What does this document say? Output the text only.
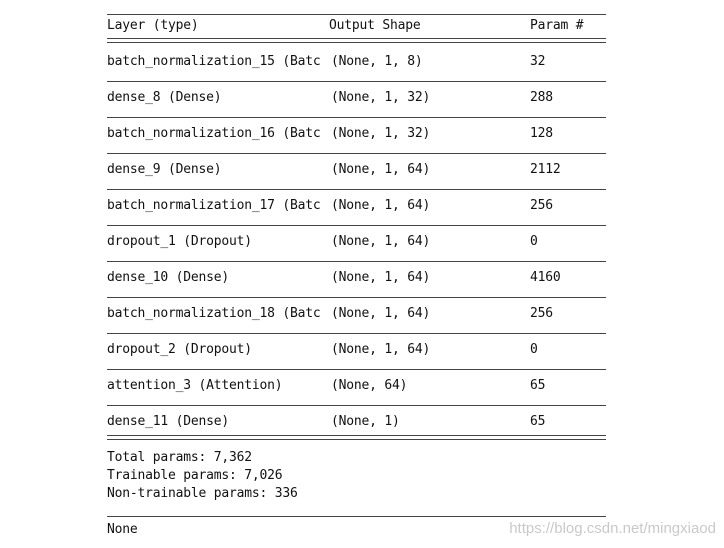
Layer (type)	Output Shape	Param #
batch_normalization_15 (Batc (None, 1, 8)	32
dense_8 (Dense)	(None, 1, 32)	288
batch_normalization_16 (Batc (None, 1, 32)	128
dense_9 (Dense)	(None, 1, 64)	2112
batch_normalization_17 (Batc (None, 1, 64)	256
dropout_1 (Dropout)	(None, 1, 64)	0
dense_10 (Dense)	(None, 1, 64)	4160
batch_normalization_18 (Batc (None, 1, 64)	256
dropout_2 (Dropout)	(None, 1, 64)	0
attention_3 (Attention)	(None, 64)	65
dense_11 (Dense)	(None, 1)	65
Total params: 7,362
Trainable params: 7,026
Non-trainable params: 336
None	https://blog.csdn.net/mingxiaod
